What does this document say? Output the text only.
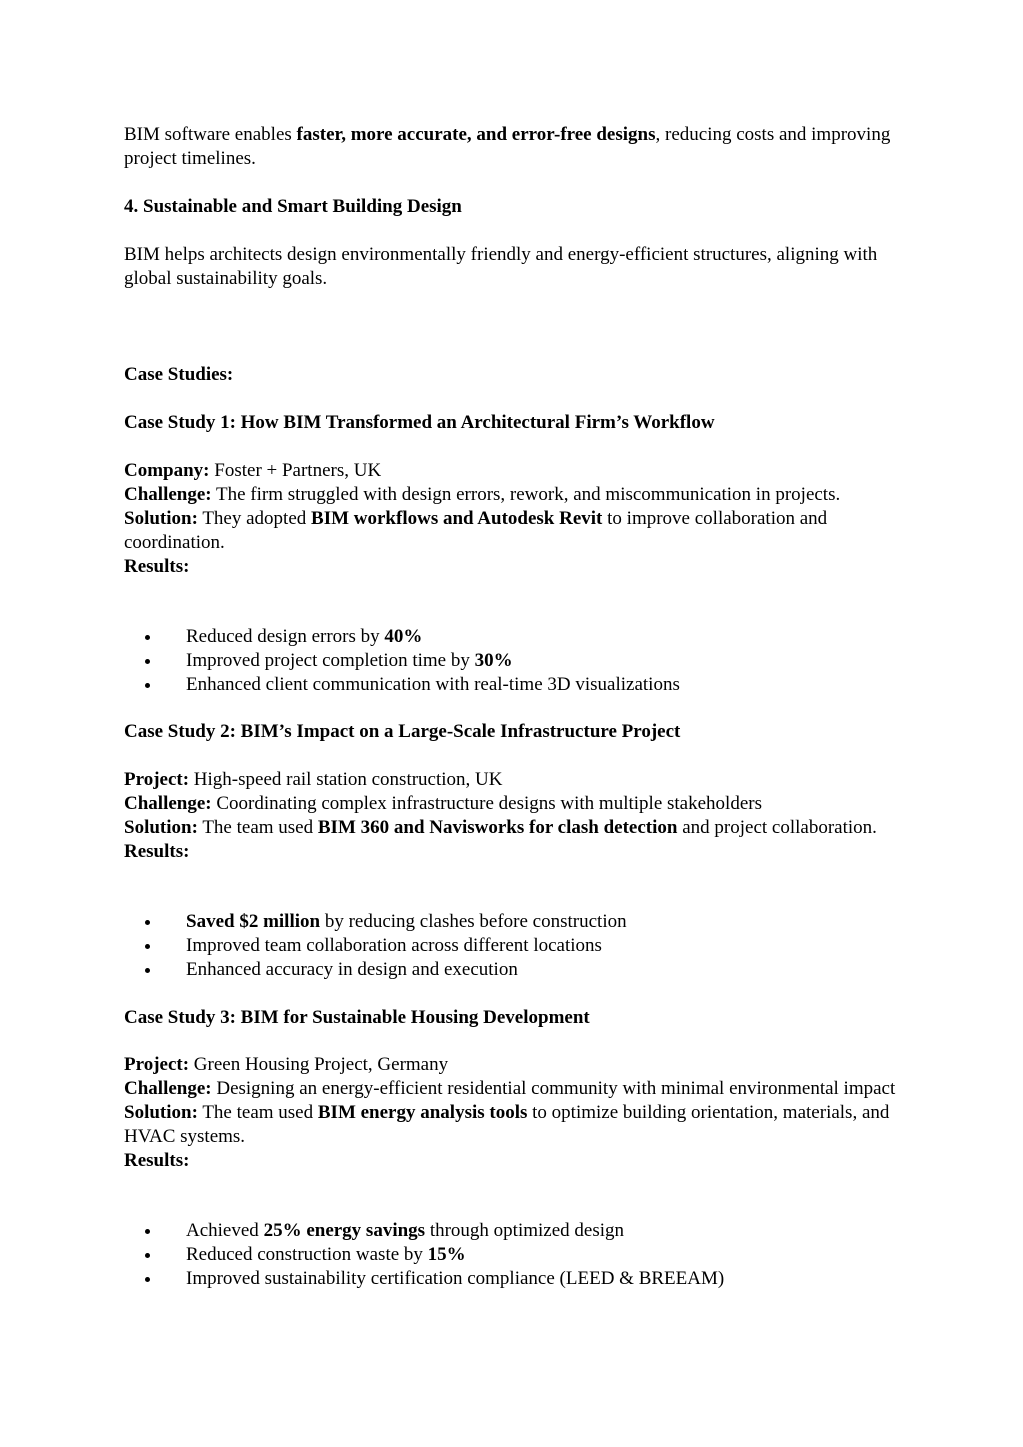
BIM software enables faster, more accurate, and error-free designs, reducing costs and improving project timelines.

4. Sustainable and Smart Building Design

BIM helps architects design environmentally friendly and energy-efficient structures, aligning with global sustainability goals.

Case Studies:

Case Study 1: How BIM Transformed an Architectural Firm’s Workflow

Company: Foster + Partners, UK
Challenge: The firm struggled with design errors, rework, and miscommunication in projects.
Solution: They adopted BIM workflows and Autodesk Revit to improve collaboration and coordination.
Results:

Reduced design errors by 40%
Improved project completion time by 30%
Enhanced client communication with real-time 3D visualizations

Case Study 2: BIM’s Impact on a Large-Scale Infrastructure Project

Project: High-speed rail station construction, UK
Challenge: Coordinating complex infrastructure designs with multiple stakeholders
Solution: The team used BIM 360 and Navisworks for clash detection and project collaboration.
Results:

Saved $2 million by reducing clashes before construction
Improved team collaboration across different locations
Enhanced accuracy in design and execution

Case Study 3: BIM for Sustainable Housing Development

Project: Green Housing Project, Germany
Challenge: Designing an energy-efficient residential community with minimal environmental impact
Solution: The team used BIM energy analysis tools to optimize building orientation, materials, and HVAC systems.
Results:

Achieved 25% energy savings through optimized design
Reduced construction waste by 15%
Improved sustainability certification compliance (LEED & BREEAM)
